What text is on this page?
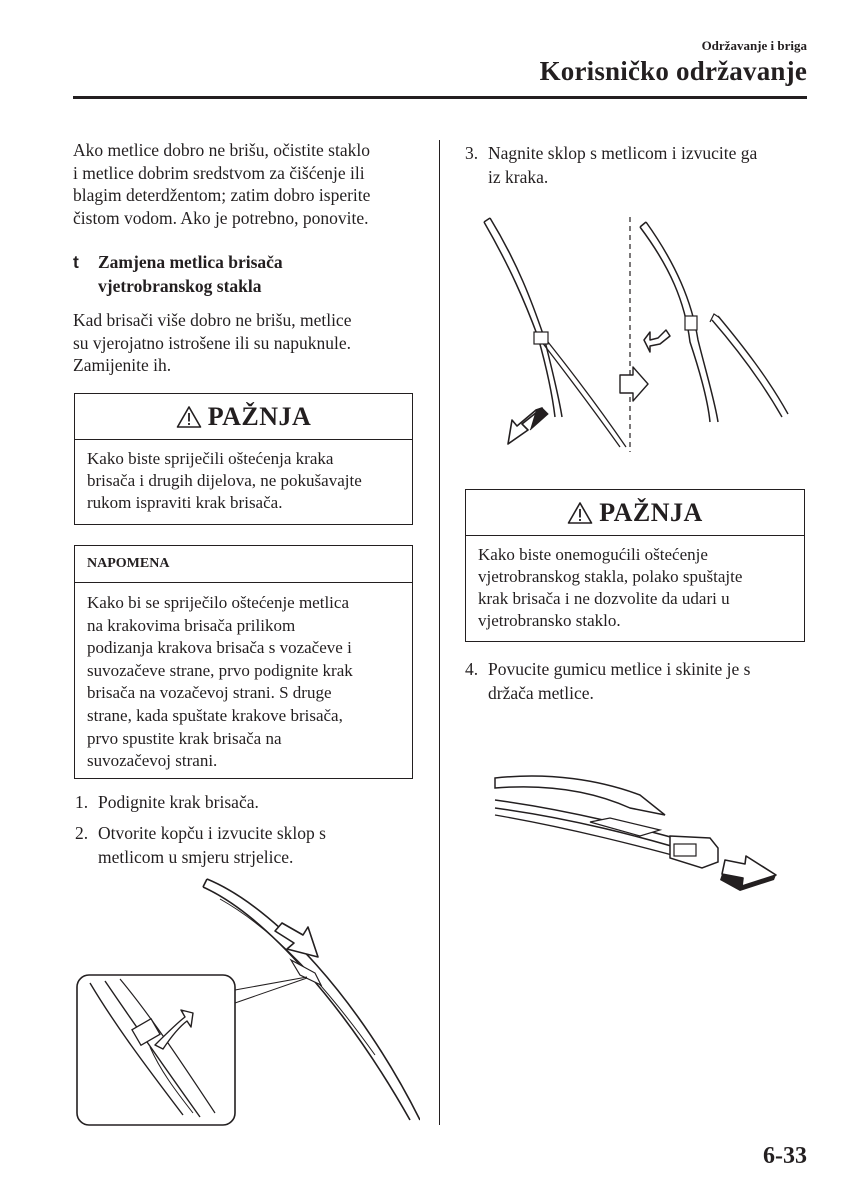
Održavanje i briga
Korisničko održavanje
Ako metlice dobro ne brišu, očistite staklo
i metlice dobrim sredstvom za čišćenje ili
blagim deterdžentom; zatim dobro isperite
čistom vodom. Ako je potrebno, ponovite.
t	Zamjena metlica brisača
vjetrobranskog stakla
Kad brisači više dobro ne brišu, metlice
su vjerojatno istrošene ili su napuknule.
Zamijenite ih.
PAŽNJA
Kako biste spriječili oštećenja kraka
brisača i drugih dijelova, ne pokušavajte
rukom ispraviti krak brisača.
NAPOMENA
Kako bi se spriječilo oštećenje metlica
na krakovima brisača prilikom
podizanja krakova brisača s vozačeve i
suvozačeve strane, prvo podignite krak
brisača na vozačevoj strani. S druge
strane, kada spuštate krakove brisača,
prvo spustite krak brisača na
suvozačevoj strani.
1. Podignite krak brisača.
2. Otvorite kopču i izvucite sklop s
metlicom u smjeru strjelice.
3. Nagnite sklop s metlicom i izvucite ga
iz kraka.
PAŽNJA
Kako biste onemogućili oštećenje
vjetrobranskog stakla, polako spuštajte
krak brisača i ne dozvolite da udari u
vjetrobransko staklo.
4. Povucite gumicu metlice i skinite je s
držača metlice.
6-33
